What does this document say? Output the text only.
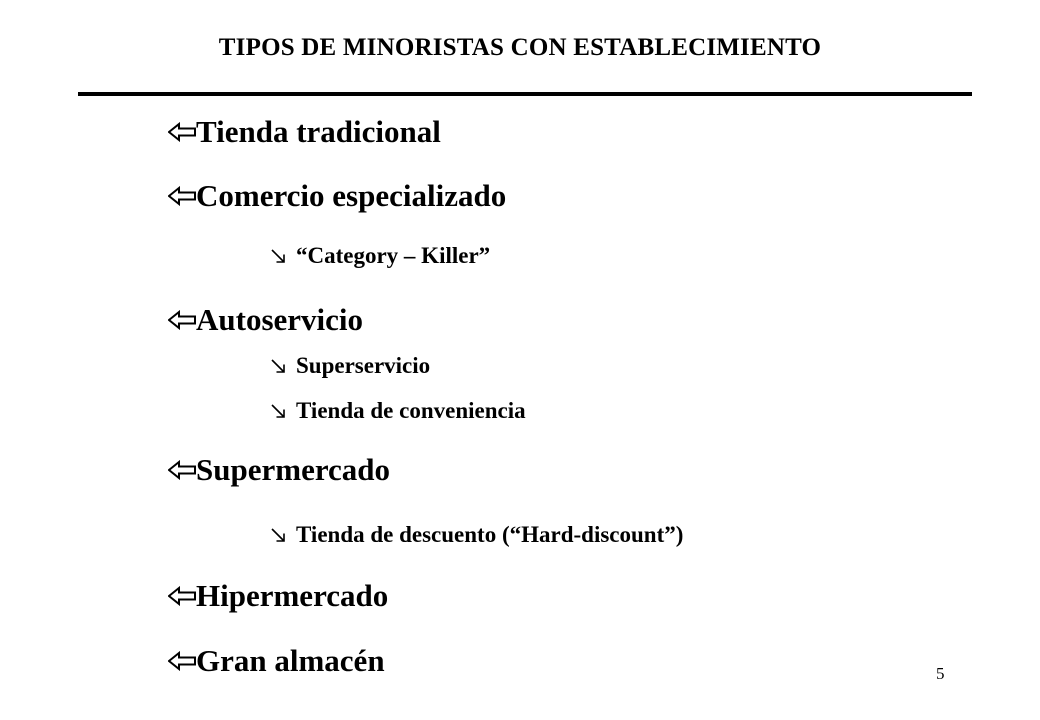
TIPOS DE MINORISTAS CON ESTABLECIMIENTO
Tienda tradicional
Comercio especializado
“Category – Killer”
Autoservicio
Superservicio
Tienda de conveniencia
Supermercado
Tienda de descuento (“Hard-discount”)
Hipermercado
Gran almacén	5
